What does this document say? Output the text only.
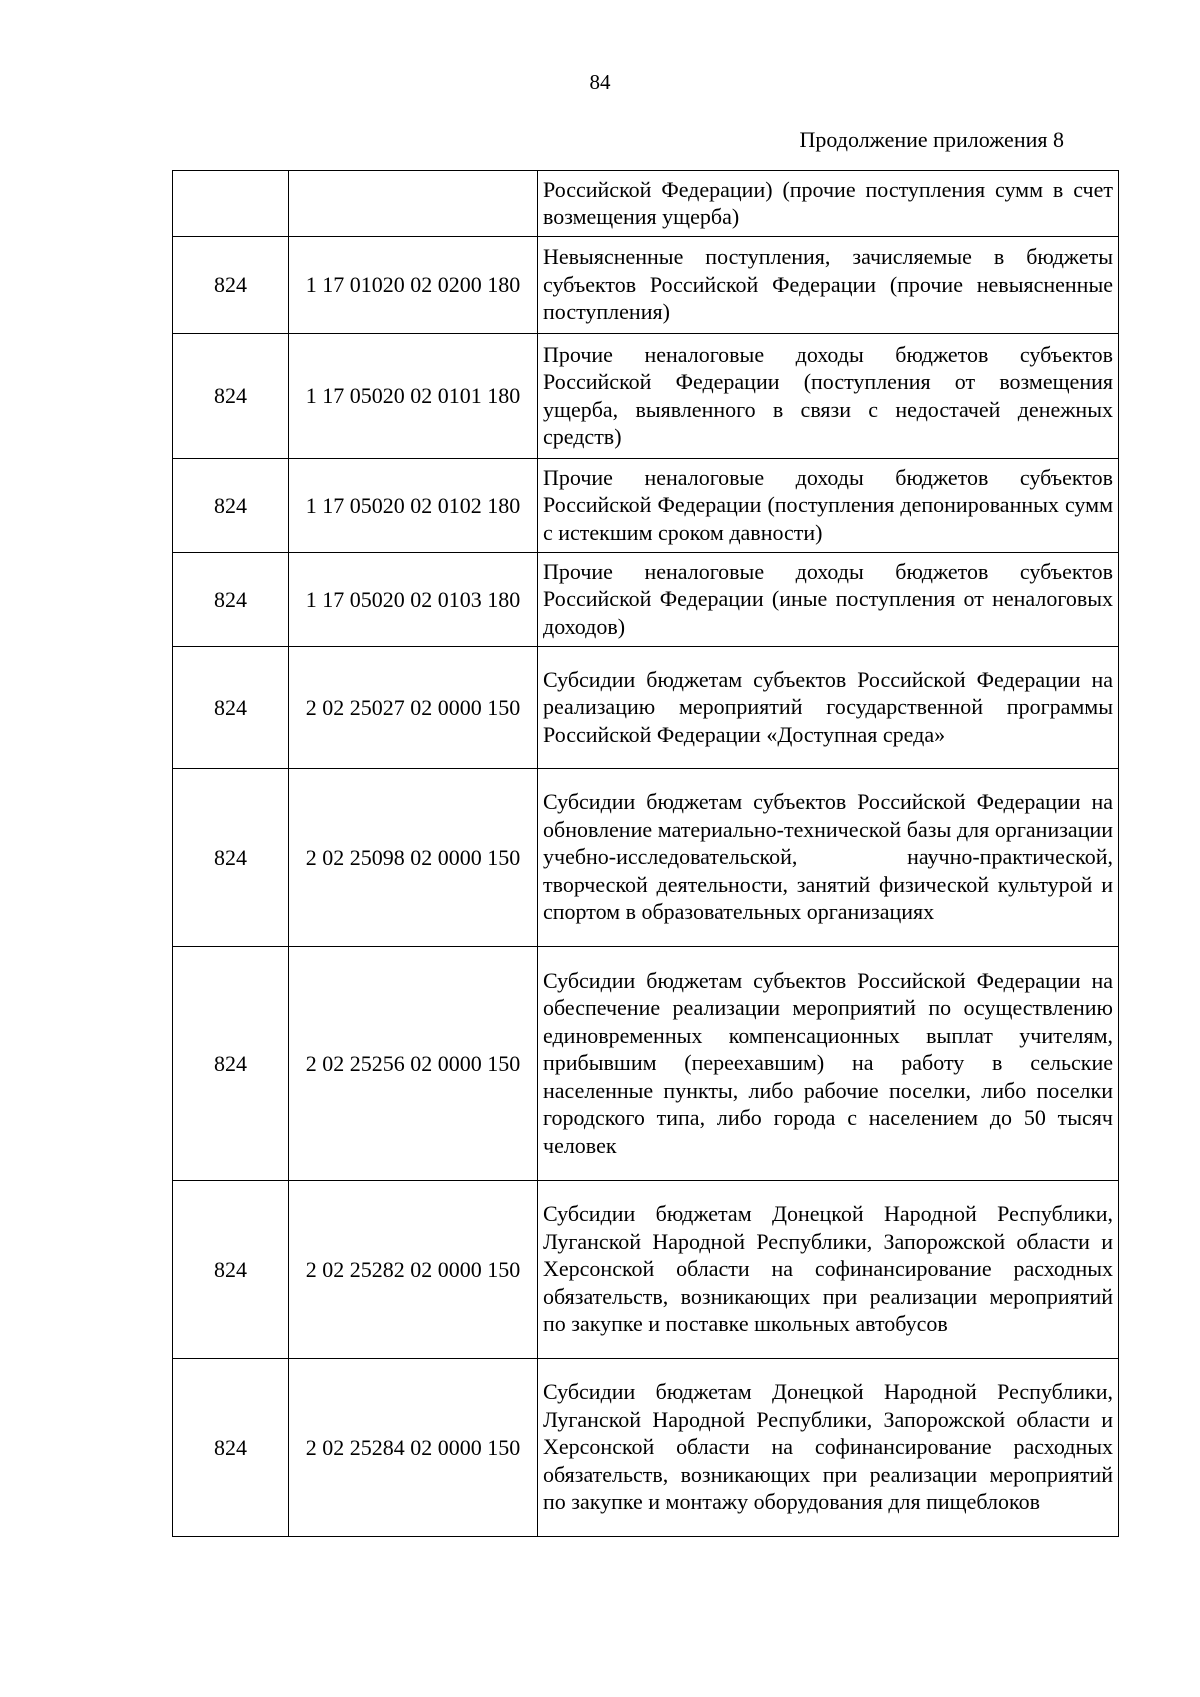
84
Продолжение приложения 8

		Российской Федерации) (прочие поступления сумм в счет возмещения ущерба)

824	1 17 01020 02 0200 180	Невыясненные поступления, зачисляемые в бюджеты субъектов Российской Федерации (прочие невыясненные поступления)

824	1 17 05020 02 0101 180	Прочие неналоговые доходы бюджетов субъектов Российской Федерации (поступления от возмещения ущерба, выявленного в связи с недостачей денежных средств)

824	1 17 05020 02 0102 180	Прочие неналоговые доходы бюджетов субъектов Российской Федерации (поступления депонированных сумм с истекшим сроком давности)

824	1 17 05020 02 0103 180	Прочие неналоговые доходы бюджетов субъектов Российской Федерации (иные поступления от неналоговых доходов)

824	2 02 25027 02 0000 150	Субсидии бюджетам субъектов Российской Федерации на реализацию мероприятий государственной программы Российской Федерации «Доступная среда»

824	2 02 25098 02 0000 150	Субсидии бюджетам субъектов Российской Федерации на обновление материально-технической базы для организации учебно-исследовательской, научно-практической, творческой деятельности, занятий физической культурой и спортом в образовательных организациях

824	2 02 25256 02 0000 150	Субсидии бюджетам субъектов Российской Федерации на обеспечение реализации мероприятий по осуществлению единовременных компенсационных выплат учителям, прибывшим (переехавшим) на работу в сельские населенные пункты, либо рабочие поселки, либо поселки городского типа, либо города с населением до 50 тысяч человек

824	2 02 25282 02 0000 150	Субсидии бюджетам Донецкой Народной Республики, Луганской Народной Республики, Запорожской области и Херсонской области на софинансирование расходных обязательств, возникающих при реализации мероприятий по закупке и поставке школьных автобусов

824	2 02 25284 02 0000 150	Субсидии бюджетам Донецкой Народной Республики, Луганской Народной Республики, Запорожской области и Херсонской области на софинансирование расходных обязательств, возникающих при реализации мероприятий по закупке и монтажу оборудования для пищеблоков
